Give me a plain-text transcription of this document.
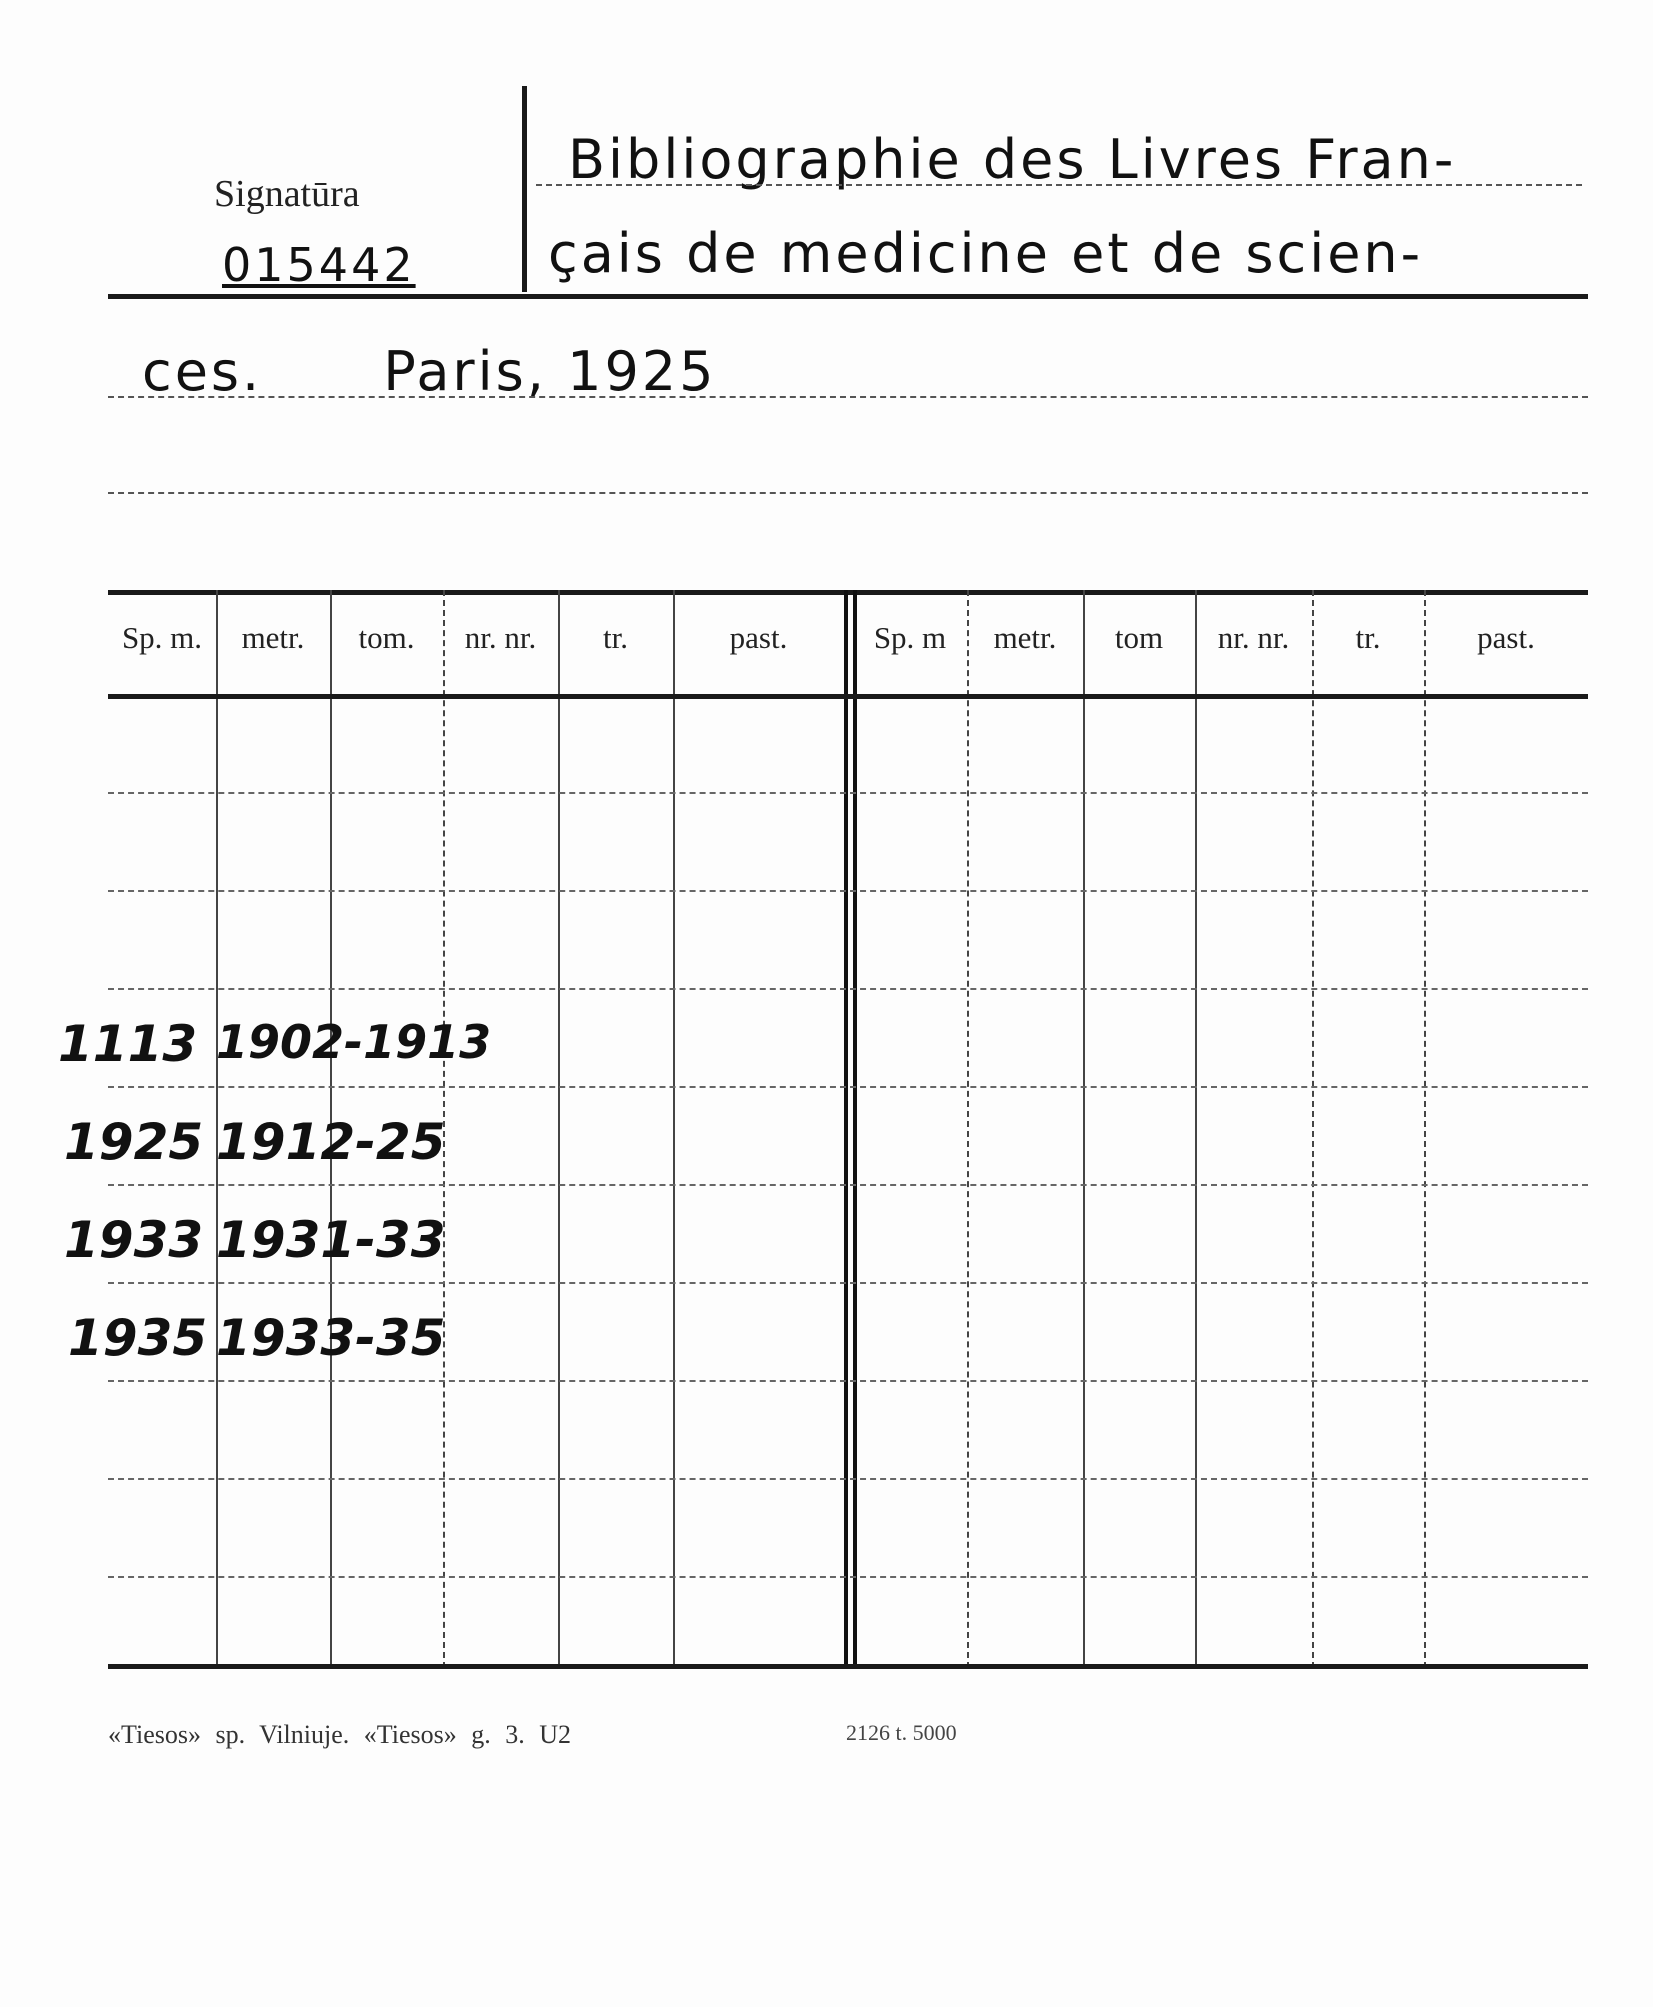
Signatūra
015442
Bibliographie des Livres Fran-
çais de medicine et de scien-
ces.      Paris, 1925
Sp. m.	metr.	tom.	nr. nr.	tr.	past.	Sp. m	metr.	tom	nr. nr.	tr.	past.
1113 1902-1913
1925 1912-25
1933 1931-33
1935 1933-35
«Tiesos» sp. Vilniuje. «Tiesos» g. 3. U2	2126 t. 5000
